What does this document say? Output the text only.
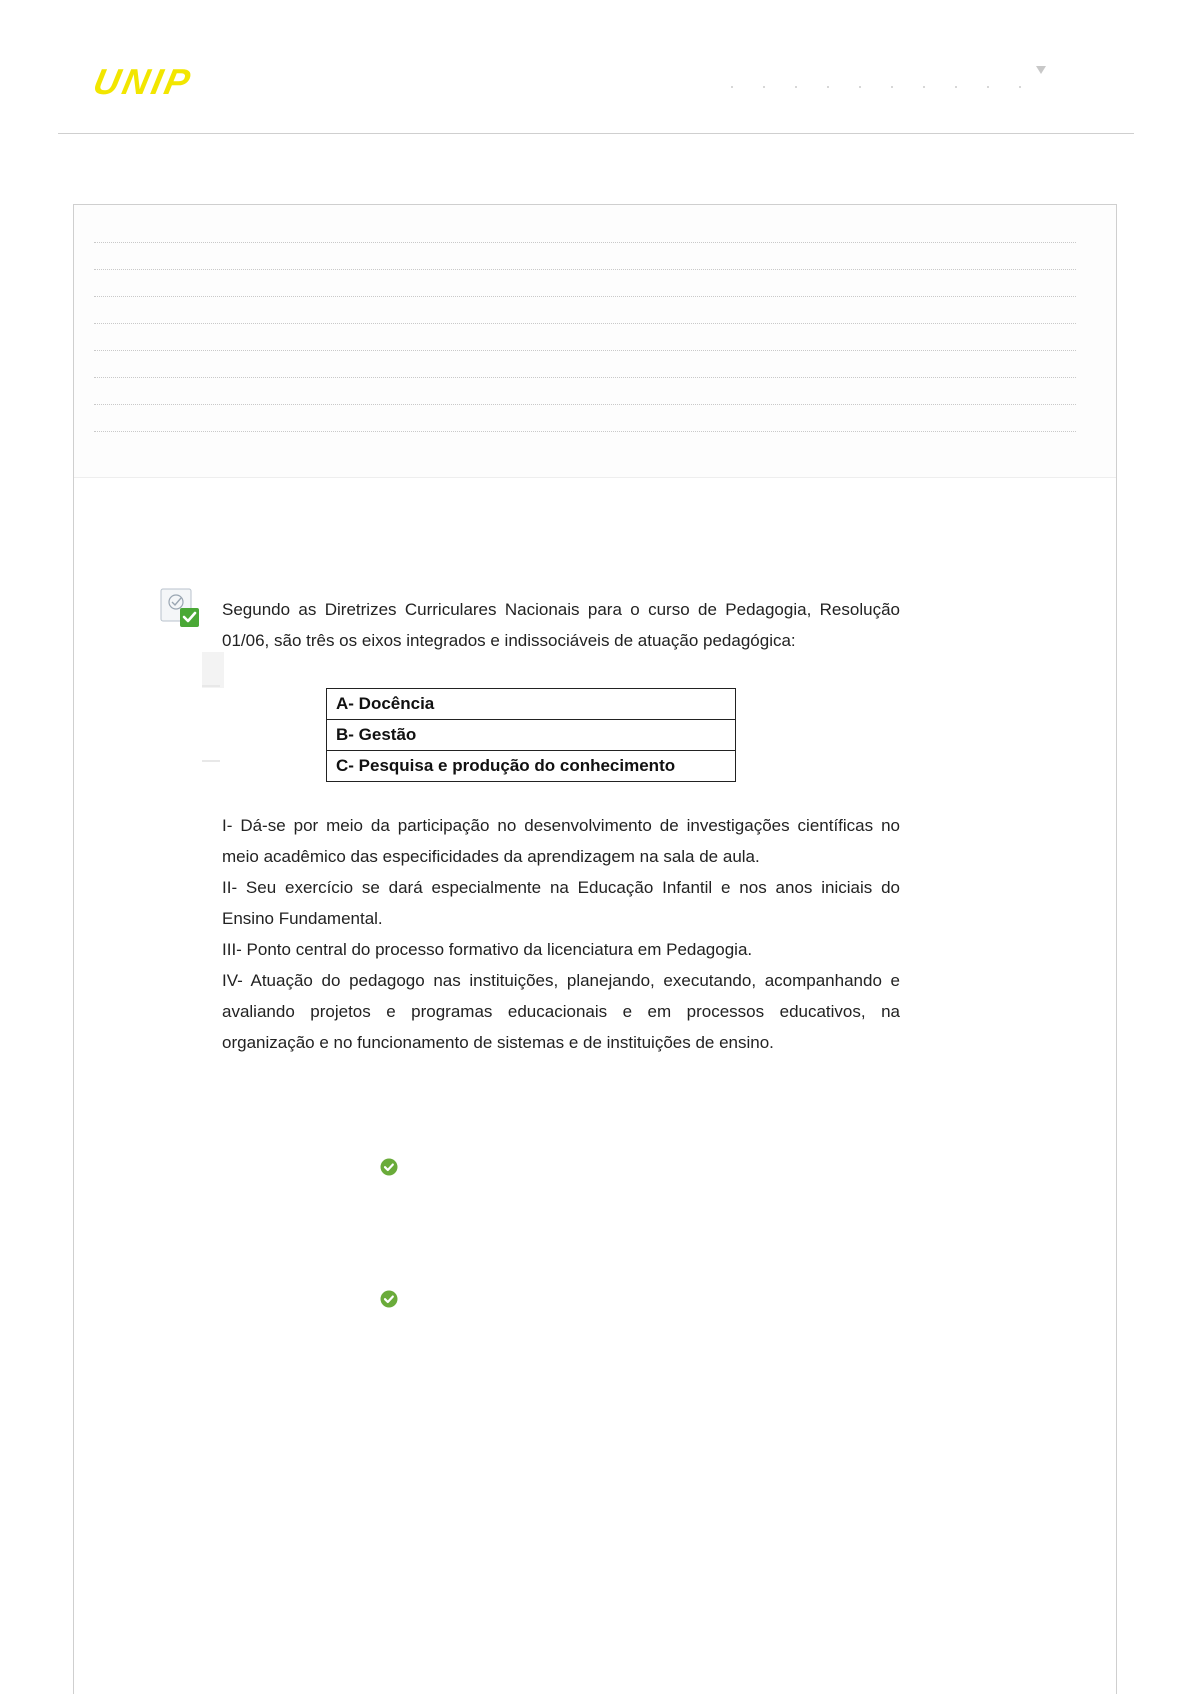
UNIP
Segundo as Diretrizes Curriculares Nacionais para o curso de Pedagogia, Resolução 01/06, são três os eixos integrados e indissociáveis de atuação pedagógica:
A- Docência
B- Gestão
C- Pesquisa e produção do conhecimento
I- Dá-se por meio da participação no desenvolvimento de investigações científicas no meio acadêmico das especificidades da aprendizagem na sala de aula.
II- Seu exercício se dará especialmente na Educação Infantil e nos anos iniciais do Ensino Fundamental.
III- Ponto central do processo formativo da licenciatura em Pedagogia.
IV- Atuação do pedagogo nas instituições, planejando, executando, acompanhando e avaliando projetos e programas educacionais e em processos educativos, na organização e no funcionamento de sistemas e de instituições de ensino.
